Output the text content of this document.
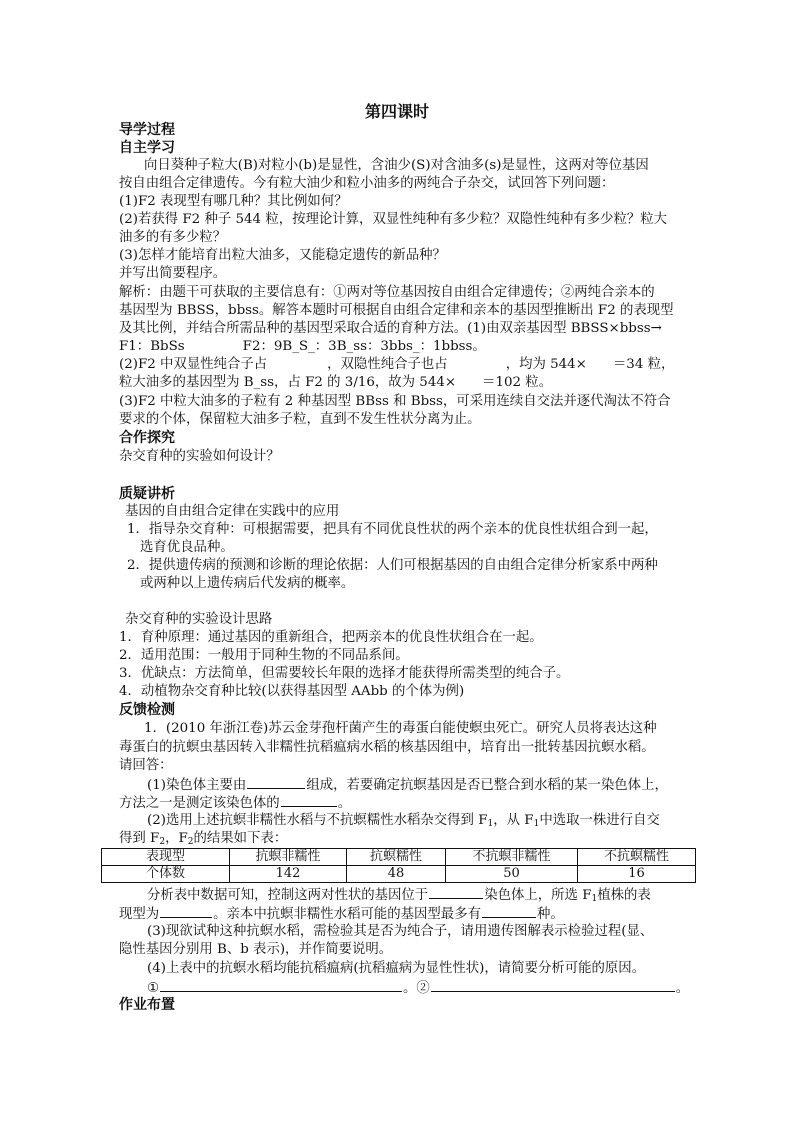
第四课时
导学过程
自主学习
向日葵种子粒大(B)对粒小(b)是显性，含油少(S)对含油多(s)是显性，这两对等位基因
按自由组合定律遗传。今有粒大油少和粒小油多的两纯合子杂交，试回答下列问题：
(1)F2 表现型有哪几种？其比例如何？
(2)若获得 F2 种子 544 粒，按理论计算，双显性纯种有多少粒？双隐性纯种有多少粒？粒大
油多的有多少粒？
(3)怎样才能培育出粒大油多，又能稳定遗传的新品种？
并写出简要程序。
解析：由题干可获取的主要信息有：①两对等位基因按自由组合定律遗传；②两纯合亲本的
基因型为 BBSS，bbss。解答本题时可根据自由组合定律和亲本的基因型推断出 F2 的表现型
及其比例，并结合所需品种的基因型采取合适的育种方法。(1)由双亲基因型 BBSS×bbss→
F1：BbSs	F2：9B_S_：3B_ss：3bbs_：1bbss。
(2)F2 中双显性纯合子占	，双隐性纯合子也占	，均为 544× ＝34 粒，
粒大油多的基因型为 B_ss，占 F2 的 3/16，故为 544× ＝102 粒。
(3)F2 中粒大油多的子粒有 2 种基因型 BBss 和 Bbss，可采用连续自交法并逐代淘汰不符合
要求的个体，保留粒大油多子粒，直到不发生性状分离为止。
合作探究
杂交育种的实验如何设计？
质疑讲析
基因的自由组合定律在实践中的应用
1．指导杂交育种：可根据需要，把具有不同优良性状的两个亲本的优良性状组合到一起，
选育优良品种。
2．提供遗传病的预测和诊断的理论依据：人们可根据基因的自由组合定律分析家系中两种
或两种以上遗传病后代发病的概率。
杂交育种的实验设计思路
1．育种原理：通过基因的重新组合，把两亲本的优良性状组合在一起。
2．适用范围：一般用于同种生物的不同品系间。
3．优缺点：方法简单，但需要较长年限的选择才能获得所需类型的纯合子。
4．动植物杂交育种比较(以获得基因型 AAbb 的个体为例)
反馈检测
1．(2010 年浙江卷)苏云金芽孢杆菌产生的毒蛋白能使螟虫死亡。研究人员将表达这种
毒蛋白的抗螟虫基因转入非糯性抗稻瘟病水稻的核基因组中，培育出一批转基因抗螟水稻。
请回答：
(1)染色体主要由	组成，若要确定抗螟基因是否已整合到水稻的某一染色体上，
方法之一是测定该染色体的	。
(2)选用上述抗螟非糯性水稻与不抗螟糯性水稻杂交得到 $F_1$，从 $F_1$中选取一株进行自交
得到 $F_2$，$F_2$的结果如下表：
表现型	抗螟非糯性	抗螟糯性	不抗螟非糯性	不抗螟糯性
个体数	142	48	50	16
分析表中数据可知，控制这两对性状的基因位于	染色体上，所选 $F_1$植株的表
现型为	。亲本中抗螟非糯性水稻可能的基因型最多有	种。
(3)现欲试种这种抗螟水稻，需检验其是否为纯合子，请用遗传图解表示检验过程(显、
隐性基因分别用 B、b 表示)，并作简要说明。
(4)上表中的抗螟水稻均能抗稻瘟病(抗稻瘟病为显性性状)，请简要分析可能的原因。
①	。②	。
作业布置
